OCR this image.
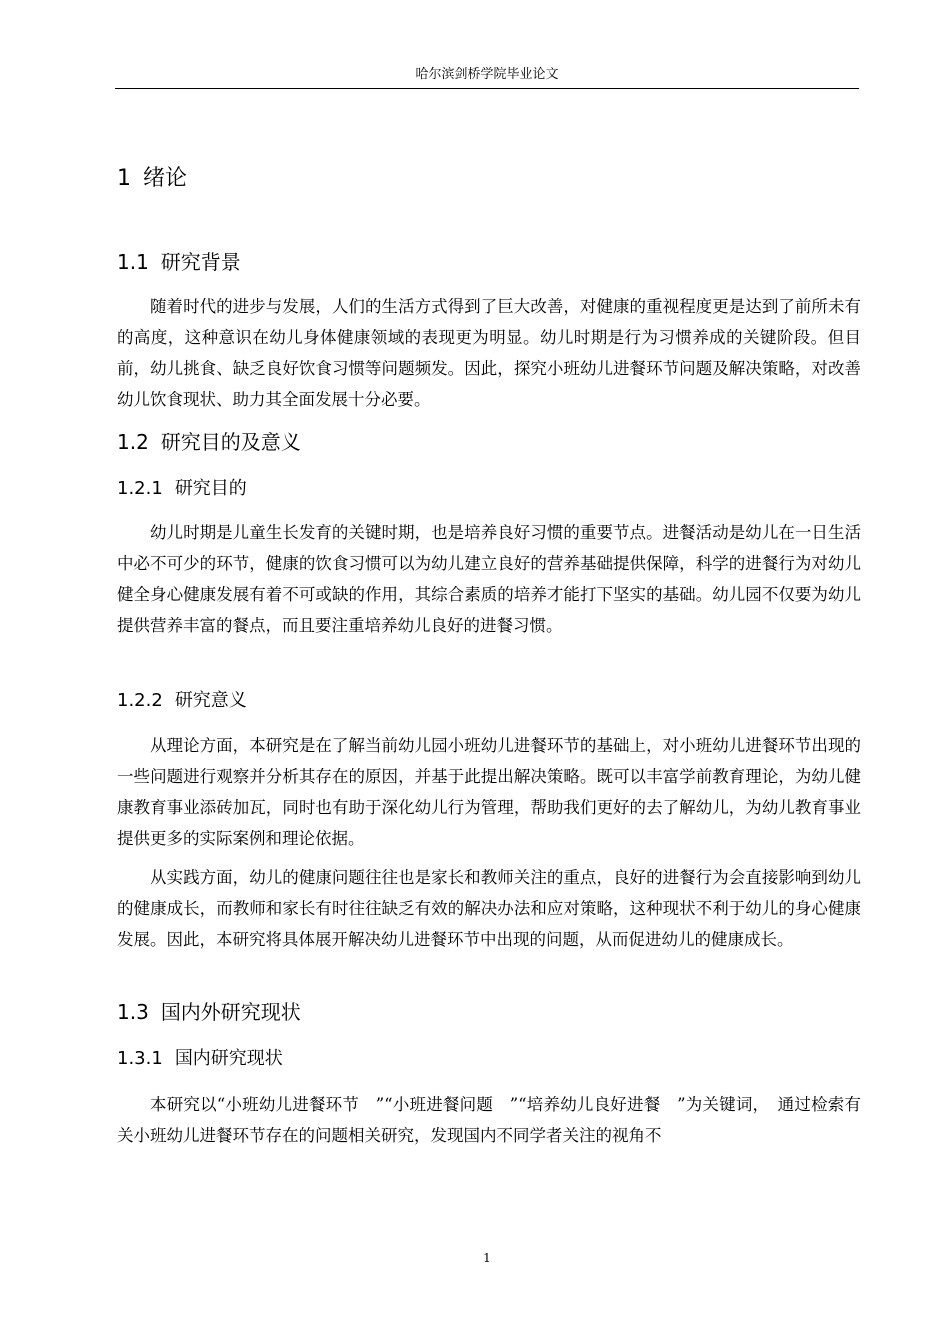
哈尔滨剑桥学院毕业论文
1 绪论
1.1 研究背景

随着时代的进步与发展，人们的生活方式得到了巨大改善，对健康的重视程度更是达到了前所未有的高度，这种意识在幼儿身体健康领域的表现更为明显。幼儿时期是行为习惯养成的关键阶段。但目前，幼儿挑食、缺乏良好饮食习惯等问题频发。因此，探究小班幼儿进餐环节问题及解决策略，对改善幼儿饮食现状、助力其全面发展十分必要。

1.2 研究目的及意义
1.2.1 研究目的

幼儿时期是儿童生长发育的关键时期，也是培养良好习惯的重要节点。进餐活动是幼儿在一日生活中必不可少的环节，健康的饮食习惯可以为幼儿建立良好的营养基础提供保障，科学的进餐行为对幼儿健全身心健康发展有着不可或缺的作用，其综合素质的培养才能打下坚实的基础。幼儿园不仅要为幼儿提供营养丰富的餐点，而且要注重培养幼儿良好的进餐习惯。

1.2.2 研究意义

从理论方面，本研究是在了解当前幼儿园小班幼儿进餐环节的基础上，对小班幼儿进餐环节出现的一些问题进行观察并分析其存在的原因，并基于此提出解决策略。既可以丰富学前教育理论，为幼儿健康教育事业添砖加瓦，同时也有助于深化幼儿行为管理，帮助我们更好的去了解幼儿，为幼儿教育事业提供更多的实际案例和理论依据。

从实践方面，幼儿的健康问题往往也是家长和教师关注的重点，良好的进餐行为会直接影响到幼儿的健康成长，而教师和家长有时往往缺乏有效的解决办法和应对策略，这种现状不利于幼儿的身心健康发展。因此，本研究将具体展开解决幼儿进餐环节中出现的问题，从而促进幼儿的健康成长。

1.3 国内外研究现状
1.3.1 国内研究现状

本研究以“小班幼儿进餐环节　”“小班进餐问题　”“培养幼儿良好进餐　”为关键词，　通过检索有关小班幼儿进餐环节存在的问题相关研究，发现国内不同学者关注的视角不

1
